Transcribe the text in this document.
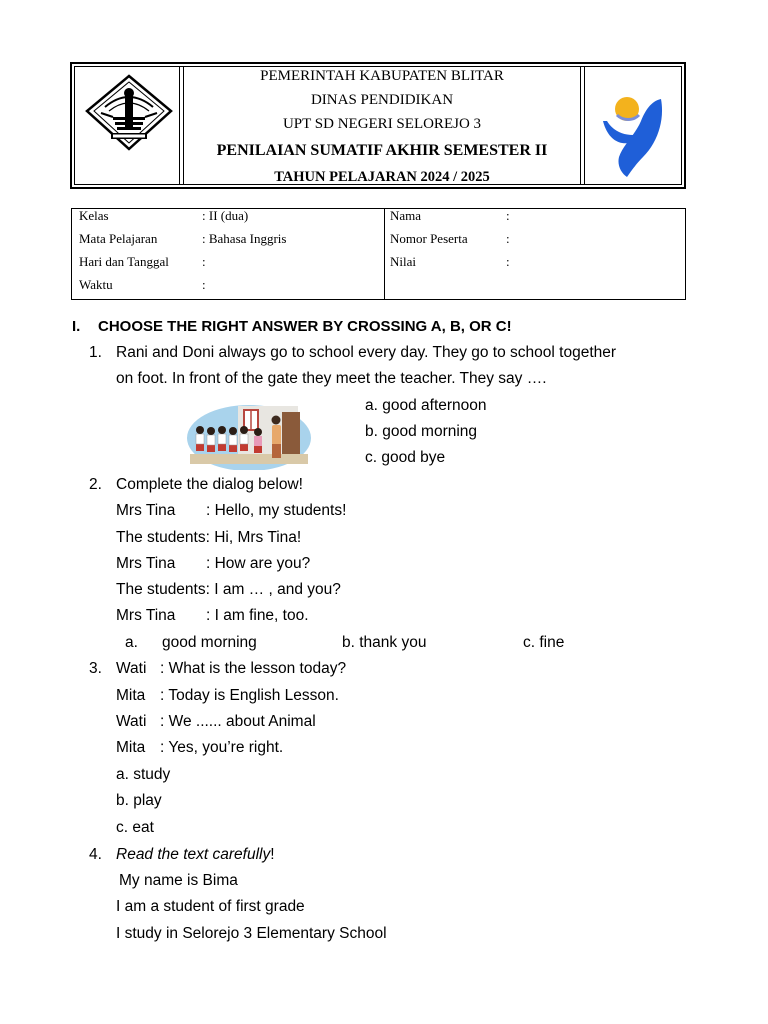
PEMERINTAH KABUPATEN BLITAR
DINAS PENDIDIKAN
UPT SD NEGERI SELOREJO 3
PENILAIAN SUMATIF AKHIR SEMESTER II
TAHUN PELAJARAN 2024 / 2025
Kelas	: II (dua)	Nama	:
Mata Pelajaran	: Bahasa Inggris	Nomor Peserta	:
Hari dan Tanggal	:	Nilai	:
Waktu	:
I. CHOOSE THE RIGHT ANSWER BY CROSSING A, B, OR C!
1. Rani and Doni always go to school every day. They go to school together
on foot. In front of the gate they meet the teacher. They say ….
a. good afternoon
b. good morning
c. good bye
2. Complete the dialog below!
Mrs Tina : Hello, my students!
The students: Hi, Mrs Tina!
Mrs Tina : How are you?
The students: I am … , and you?
Mrs Tina : I am fine, too.
a. good morning	b. thank you	c. fine
3. Wati : What is the lesson today?
Mita : Today is English Lesson.
Wati : We ...... about Animal
Mita : Yes, you’re right.
a. study
b. play
c. eat
4. Read the text carefully!
My name is Bima
I am a student of first grade
I study in Selorejo 3 Elementary School
